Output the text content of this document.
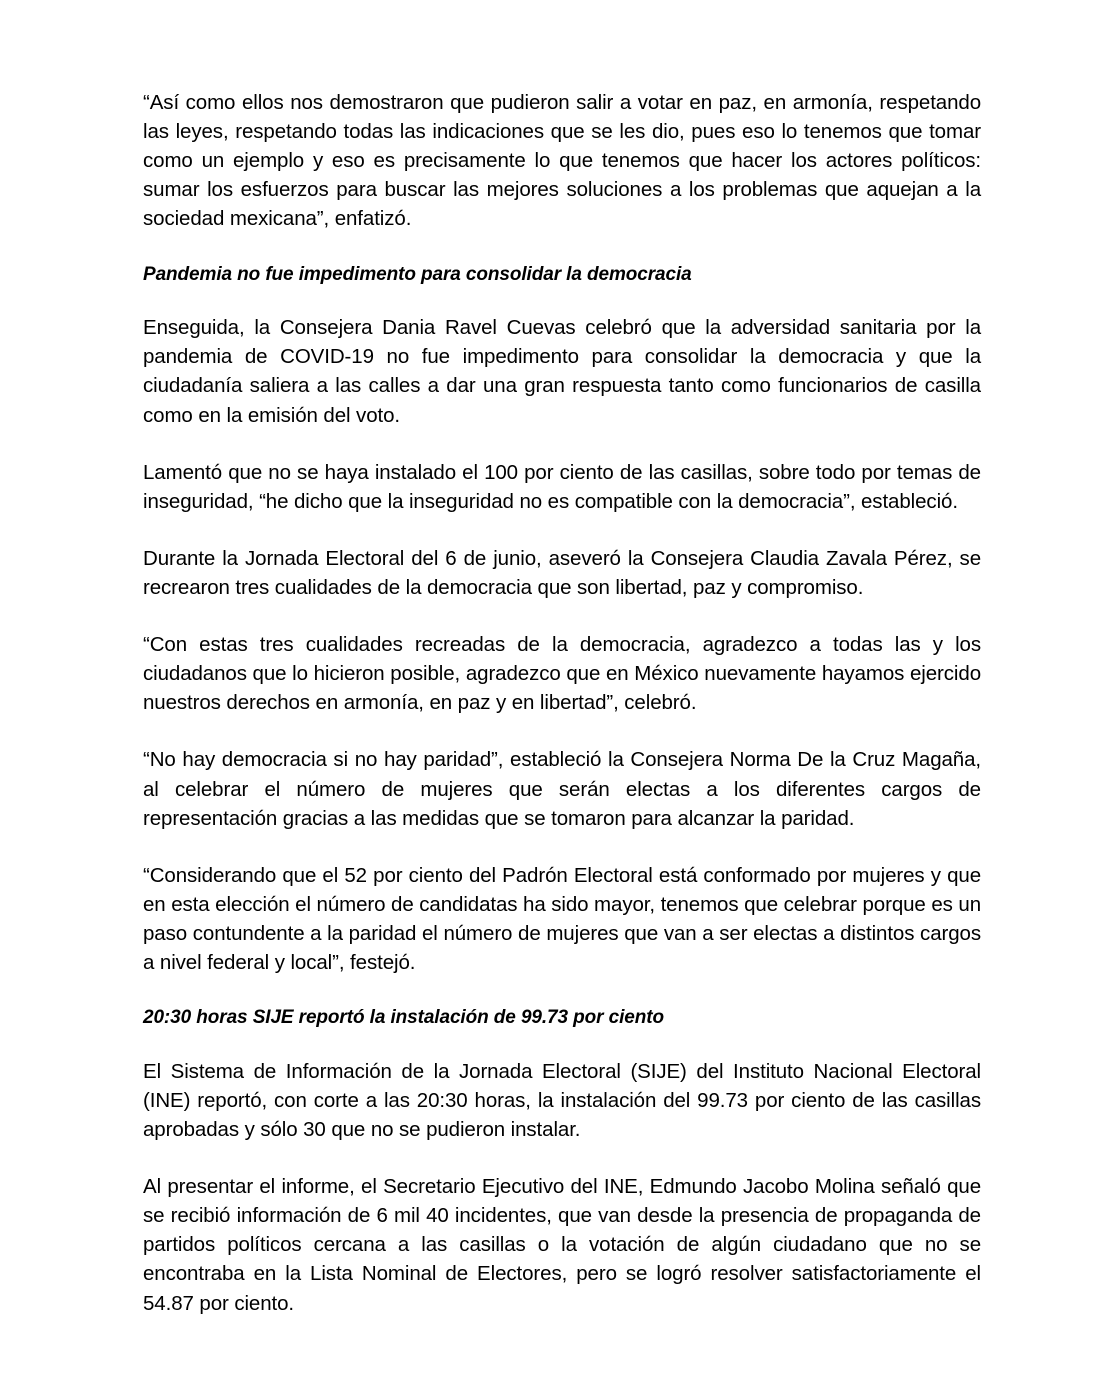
“Así como ellos nos demostraron que pudieron salir a votar en paz, en armonía, respetando las leyes, respetando todas las indicaciones que se les dio, pues eso lo tenemos que tomar como un ejemplo y eso es precisamente lo que tenemos que hacer los actores políticos: sumar los esfuerzos para buscar las mejores soluciones a los problemas que aquejan a la sociedad mexicana”, enfatizó.

Pandemia no fue impedimento para consolidar la democracia

Enseguida, la Consejera Dania Ravel Cuevas celebró que la adversidad sanitaria por la pandemia de COVID-19 no fue impedimento para consolidar la democracia y que la ciudadanía saliera a las calles a dar una gran respuesta tanto como funcionarios de casilla como en la emisión del voto.

Lamentó que no se haya instalado el 100 por ciento de las casillas, sobre todo por temas de inseguridad, “he dicho que la inseguridad no es compatible con la democracia”, estableció.

Durante la Jornada Electoral del 6 de junio, aseveró la Consejera Claudia Zavala Pérez, se recrearon tres cualidades de la democracia que son libertad, paz y compromiso.

“Con estas tres cualidades recreadas de la democracia, agradezco a todas las y los ciudadanos que lo hicieron posible, agradezco que en México nuevamente hayamos ejercido nuestros derechos en armonía, en paz y en libertad”, celebró.

“No hay democracia si no hay paridad”, estableció la Consejera Norma De la Cruz Magaña, al celebrar el número de mujeres que serán electas a los diferentes cargos de representación gracias a las medidas que se tomaron para alcanzar la paridad.

“Considerando que el 52 por ciento del Padrón Electoral está conformado por mujeres y que en esta elección el número de candidatas ha sido mayor, tenemos que celebrar porque es un paso contundente a la paridad el número de mujeres que van a ser electas a distintos cargos a nivel federal y local”, festejó.

20:30 horas SIJE reportó la instalación de 99.73 por ciento

El Sistema de Información de la Jornada Electoral (SIJE) del Instituto Nacional Electoral (INE) reportó, con corte a las 20:30 horas, la instalación del 99.73 por ciento de las casillas aprobadas y sólo 30 que no se pudieron instalar.

Al presentar el informe, el Secretario Ejecutivo del INE, Edmundo Jacobo Molina señaló que se recibió información de 6 mil 40 incidentes, que van desde la presencia de propaganda de partidos políticos cercana a las casillas o la votación de algún ciudadano que no se encontraba en la Lista Nominal de Electores, pero se logró resolver satisfactoriamente el 54.87 por ciento.
